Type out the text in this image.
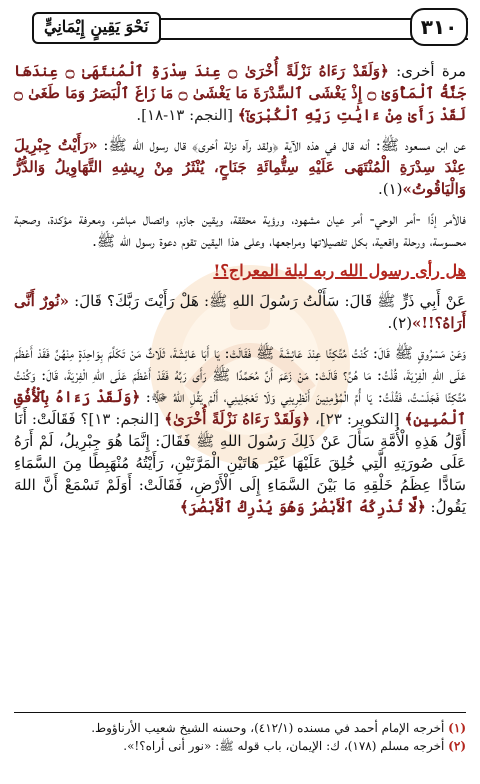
نَحْوَ يَقِينٍ إِيْمَانِيٍّ	٣١٠

مرة أخرى: ﴿وَلَقَدْ رَءَاهُ نَزْلَةً أُخْرَىٰ ۝ عِندَ سِدْرَةِ ٱلْمُنتَهَىٰ ۝ عِندَهَا جَنَّةُ ٱلْمَأْوَىٰ ۝ إِذْ يَغْشَى ٱلسِّدْرَةَ مَا يَغْشَىٰ ۝ مَا زَاغَ ٱلْبَصَرُ وَمَا طَغَىٰ ۝ لَقَدْ رَأَىٰ مِنْ ءَايَٰتِ رَبِّهِ ٱلْكُبْرَىٰٓ﴾ [النجم: ١٣-١٨].

عن ابن مسعود ﷺ: أنه قال في هذه الآية ﴿ولقد رآه نزلة أخرى﴾ قال رسول الله ﷺ: «رَأَيْتُ جِبْرِيلَ عِنْدَ سِدْرَةِ الْمُنْتَهَى عَلَيْهِ سِتُّمِائَةِ جَنَاحٍ، يُنْثَرُ مِنْ رِيشِهِ التَّهَاوِيلُ وَالدُّرُّ وَالْيَاقُوتُ»(١).

فالأمر إذًا -أمر الوحي- أمر عيان مشهود، ورؤية محققة، ويقين جازم، واتصال مباشر، ومعرفة مؤكدة، وصحبة محسوسة، ورحلة واقعية، بكل تفصيلاتها ومراجعها، وعلى هذا اليقين تقوم دعوة رسول الله ﷺ.

هل رأى رسول الله ربه ليلة المعراج؟!

عَنْ أَبِي ذَرٍّ ﷺ قَالَ: سَأَلْتُ رَسُولَ اللهِ ﷺ: هَلْ رَأَيْتَ رَبَّكَ؟ قَالَ: «نُورٌ أَنَّى أَرَاهُ؟!!»(٢).

وَعَنْ مَسْرُوقٍ ﷺ قَالَ: كُنْتُ مُتَّكِئًا عِنْدَ عَائِشَةَ ﷺ فَقَالَتْ: يَا أَبَا عَائِشَةَ، ثَلَاثٌ مَنْ تَكَلَّمَ بِوَاحِدَةٍ مِنْهُنَّ فَقَدْ أَعْظَمَ عَلَى اللهِ الْفِرْيَةَ، قُلْتُ: مَا هُنَّ؟ قَالَتْ: مَنْ زَعَمَ أَنَّ مُحَمَّدًا ﷺ رَأَى رَبَّهُ فَقَدْ أَعْظَمَ عَلَى اللهِ الْفِرْيَةَ، قَالَ: وَكُنْتُ مُتَّكِئًا فَجَلَسْتُ، فَقُلْتُ: يَا أُمَّ الْمُؤْمِنِينَ أَنْظِرِينِي وَلَا تَعْجَلِينِي، أَلَمْ يَقُلِ اللهُ ﷻ: ﴿وَلَقَدْ رَءَاهُ بِٱلْأُفُقِ ٱلْمُبِينِ﴾ [التكوير: ٢٣]، ﴿وَلَقَدْ رَءَاهُ نَزْلَةً أُخْرَىٰ﴾ [النجم: ١٣]؟ فَقَالَتْ: أَنَا أَوَّلُ هَذِهِ الْأُمَّةِ سَأَلَ عَنْ ذَلِكَ رَسُولَ اللهِ ﷺ فَقَالَ: إِنَّمَا هُوَ جِبْرِيلُ، لَمْ أَرَهُ عَلَى صُورَتِهِ الَّتِي خُلِقَ عَلَيْهَا غَيْرَ هَاتَيْنِ الْمَرَّتَيْنِ، رَأَيْتُهُ مُنْهَبِطًا مِنَ السَّمَاءِ سَادًّا عِظَمُ خَلْقِهِ مَا بَيْنَ السَّمَاءِ إِلَى الْأَرْضِ، فَقَالَتْ: أَوَلَمْ تَسْمَعْ أَنَّ اللهَ يَقُولُ: ﴿لَّا تُدْرِكُهُ ٱلْأَبْصَٰرُ وَهُوَ يُدْرِكُ ٱلْأَبْصَٰرَ﴾

(١) أخرجه الإمام أحمد في مسنده (٤١٢/١)، وحسنه الشيخ شعيب الأرناؤوط.
(٢) أخرجه مسلم (١٧٨)، ك: الإيمان، باب قوله ﷺ: «نور أنى أراه؟!».
